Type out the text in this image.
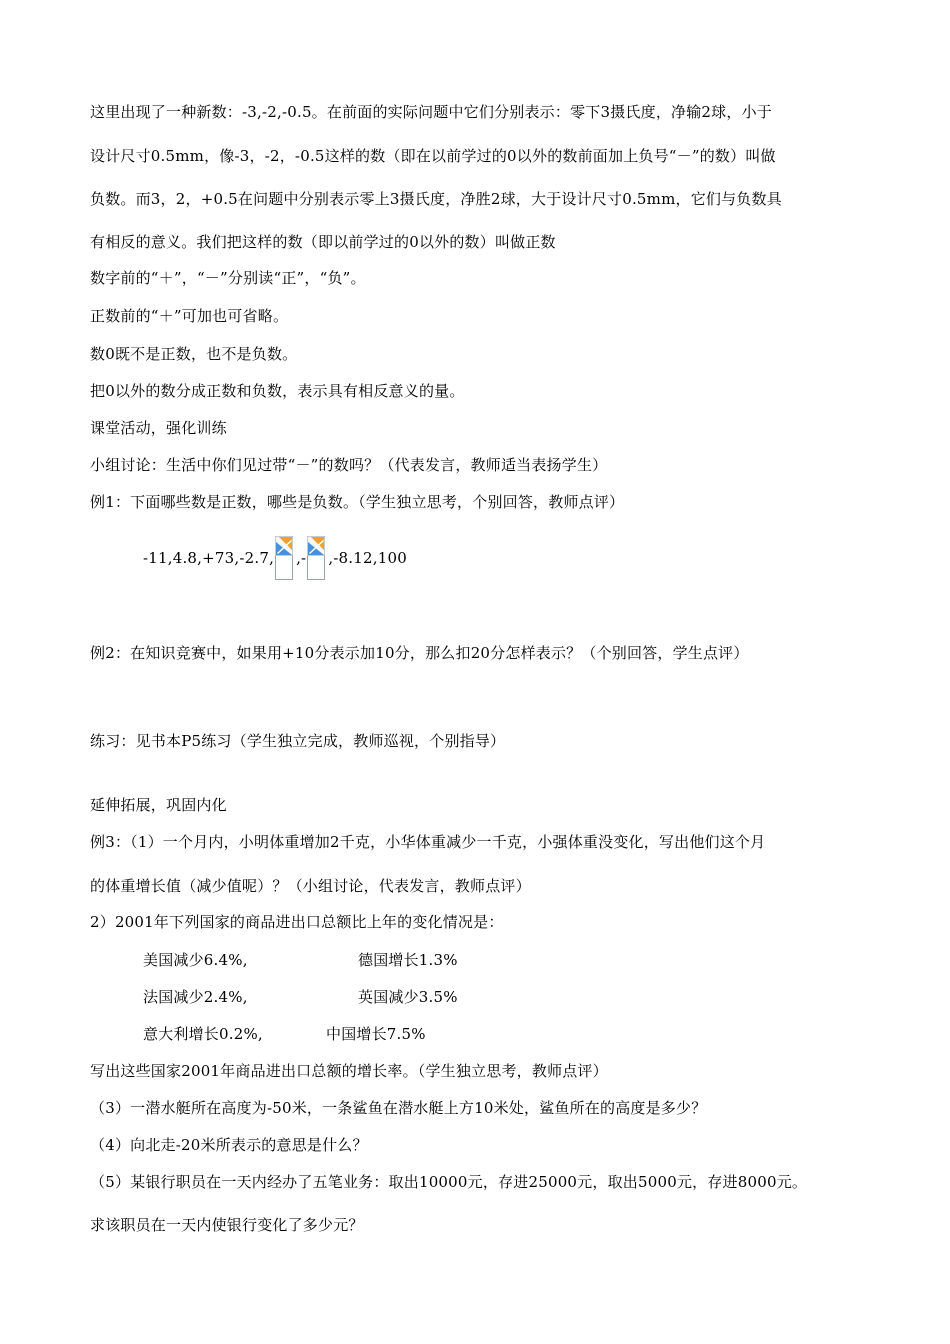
这里出现了一种新数：-3,-2,-0.5。在前面的实际问题中它们分别表示：零下3摄氏度，净输2球，小于
设计尺寸0.5mm，像-3，-2，-0.5这样的数（即在以前学过的0以外的数前面加上负号“－”的数）叫做
负数。而3，2，+0.5在问题中分别表示零上3摄氏度，净胜2球，大于设计尺寸0.5mm，它们与负数具
有相反的意义。我们把这样的数（即以前学过的0以外的数）叫做正数
数字前的“＋”，“－”分别读“正”，“负”。
正数前的“＋”可加也可省略。
数0既不是正数，也不是负数。
把0以外的数分成正数和负数，表示具有相反意义的量。
课堂活动，强化训练
小组讨论：生活中你们见过带“－”的数吗？（代表发言，教师适当表扬学生）
例1：下面哪些数是正数，哪些是负数。（学生独立思考，个别回答，教师点评）
-11,4.8,+73,-2.7, ,- ,-8.12,100
例2：在知识竞赛中，如果用+10分表示加10分，那么扣20分怎样表示？（个别回答，学生点评）
练习：见书本P5练习（学生独立完成，教师巡视，个别指导）
延伸拓展，巩固内化
例3：（1）一个月内，小明体重增加2千克，小华体重减少一千克，小强体重没变化，写出他们这个月
的体重增长值（减少值呢）？（小组讨论，代表发言，教师点评）
2）2001年下列国家的商品进出口总额比上年的变化情况是：
美国减少6.4%,	德国增长1.3%
法国减少2.4%,	英国减少3.5%
意大利增长0.2%,	中国增长7.5%
写出这些国家2001年商品进出口总额的增长率。（学生独立思考，教师点评）
（3）一潜水艇所在高度为-50米，一条鲨鱼在潜水艇上方10米处，鲨鱼所在的高度是多少？
（4）向北走-20米所表示的意思是什么？
（5）某银行职员在一天内经办了五笔业务：取出10000元，存进25000元，取出5000元，存进8000元。
求该职员在一天内使银行变化了多少元？
